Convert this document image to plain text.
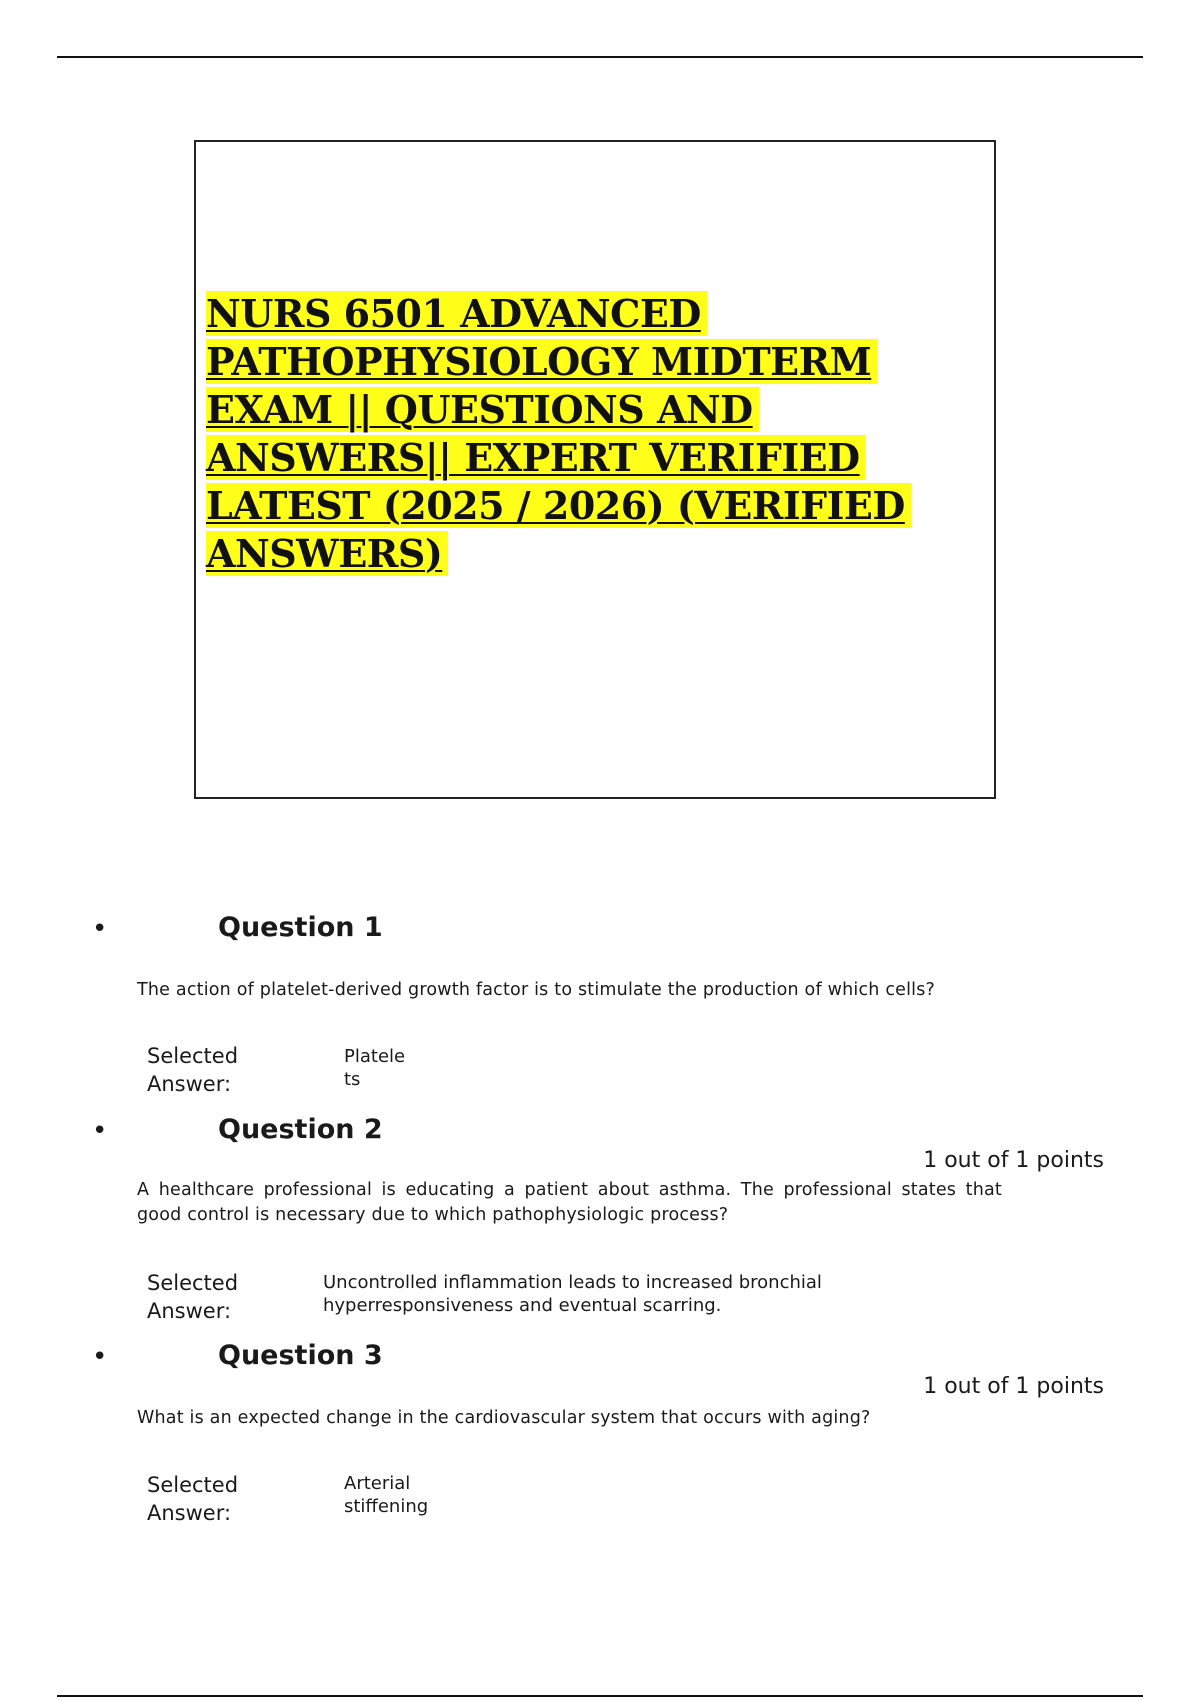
NURS 6501 ADVANCED
PATHOPHYSIOLOGY MIDTERM
EXAM || QUESTIONS AND
ANSWERS|| EXPERT VERIFIED
LATEST (2025 / 2026) (VERIFIED
ANSWERS)
•	Question 1

The action of platelet-derived growth factor is to stimulate the production of which cells?

Selected
Answer:
Platele
ts
•	Question 2
1 out of 1 points

A healthcare professional is educating a patient about asthma. The professional states that good control is necessary due to which pathophysiologic process?

Selected
Answer:
Uncontrolled inflammation leads to increased bronchial
hyperresponsiveness and eventual scarring.
•	Question 3
1 out of 1 points

What is an expected change in the cardiovascular system that occurs with aging?

Selected
Answer:
Arterial
stiffening
